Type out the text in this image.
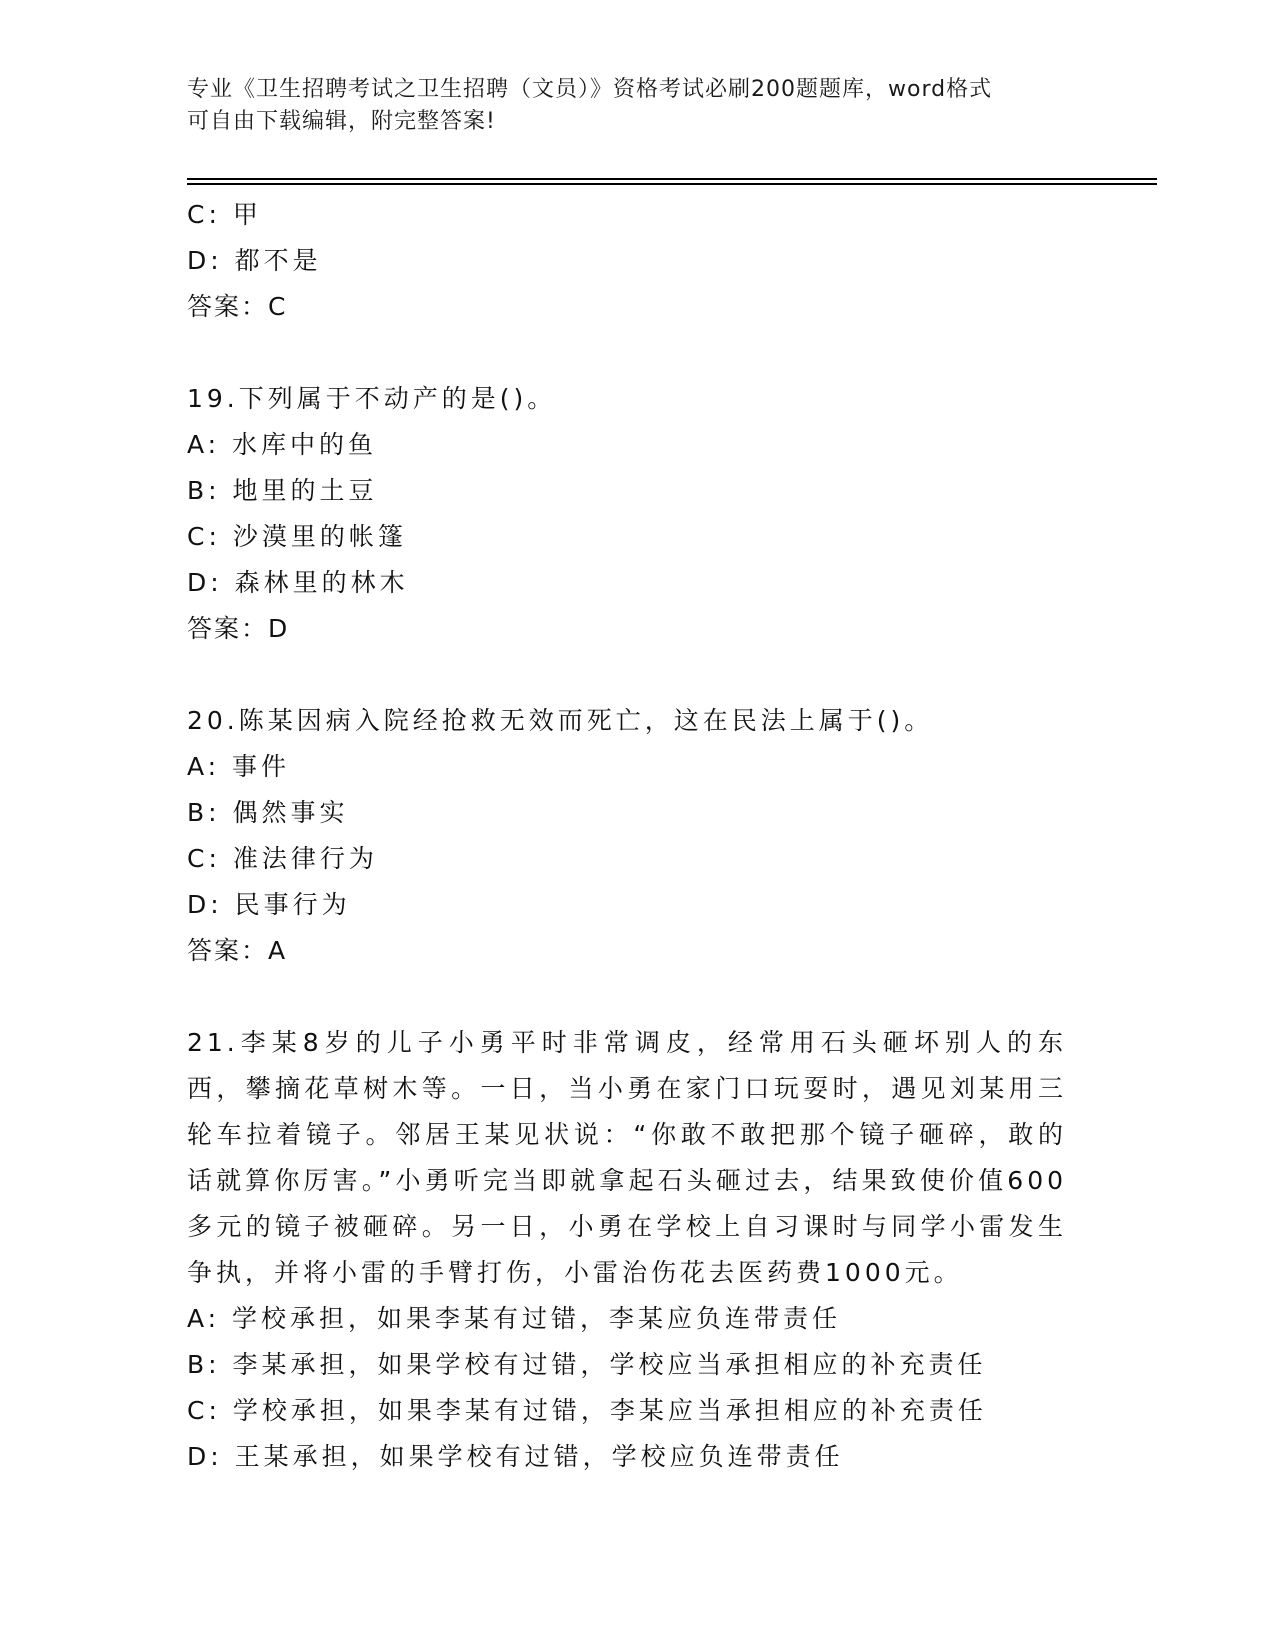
专业《卫生招聘考试之卫生招聘（文员）》资格考试必刷200题题库，word格式
可自由下载编辑，附完整答案!
C: 甲
D: 都不是
答案：C
19.下列属于不动产的是()。
A: 水库中的鱼
B: 地里的土豆
C: 沙漠里的帐篷
D: 森林里的林木
答案：D
20.陈某因病入院经抢救无效而死亡，这在民法上属于()。
A: 事件
B: 偶然事实
C: 准法律行为
D: 民事行为
答案：A
21.李某8岁的儿子小勇平时非常调皮，经常用石头砸坏别人的东西，攀摘花草树木等。一日，当小勇在家门口玩耍时，遇见刘某用三轮车拉着镜子。邻居王某见状说：“你敢不敢把那个镜子砸碎，敢的话就算你厉害。”小勇听完当即就拿起石头砸过去，结果致使价值600多元的镜子被砸碎。另一日，小勇在学校上自习课时与同学小雷发生争执，并将小雷的手臂打伤，小雷治伤花去医药费1000元。
A: 学校承担，如果李某有过错，李某应负连带责任
B: 李某承担，如果学校有过错，学校应当承担相应的补充责任
C: 学校承担，如果李某有过错，李某应当承担相应的补充责任
D: 王某承担，如果学校有过错，学校应负连带责任
